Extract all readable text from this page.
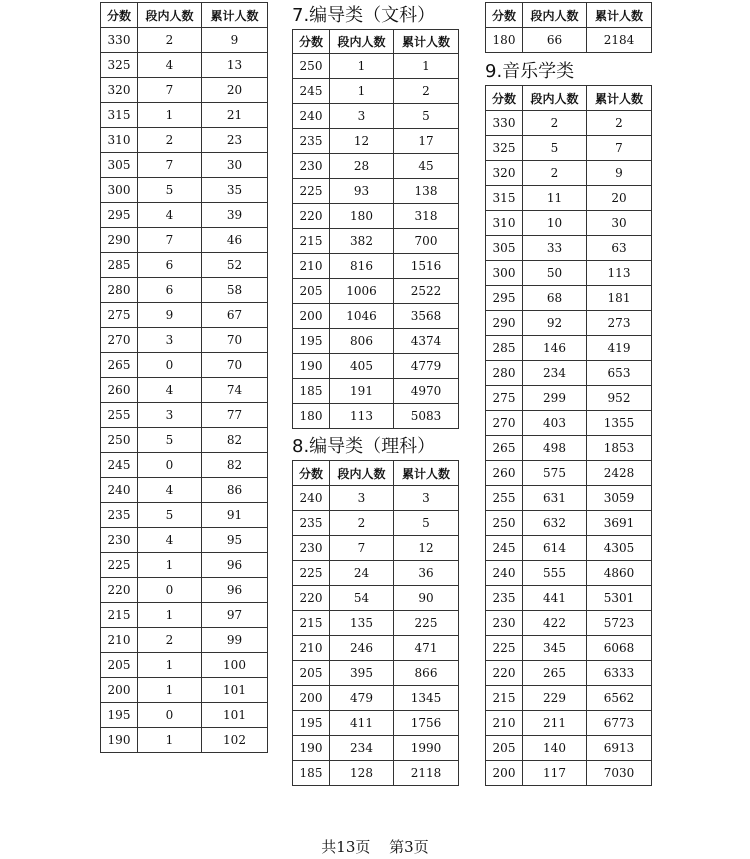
分数	段内人数	累计人数
330	2	9
325	4	13
320	7	20
315	1	21
310	2	23
305	7	30
300	5	35
295	4	39
290	7	46
285	6	52
280	6	58
275	9	67
270	3	70
265	0	70
260	4	74
255	3	77
250	5	82
245	0	82
240	4	86
235	5	91
230	4	95
225	1	96
220	0	96
215	1	97
210	2	99
205	1	100
200	1	101
195	0	101
190	1	102
7.编导类（文科）
分数	段内人数	累计人数
250	1	1
245	1	2
240	3	5
235	12	17
230	28	45
225	93	138
220	180	318
215	382	700
210	816	1516
205	1006	2522
200	1046	3568
195	806	4374
190	405	4779
185	191	4970
180	113	5083
8.编导类（理科）
分数	段内人数	累计人数
240	3	3
235	2	5
230	7	12
225	24	36
220	54	90
215	135	225
210	246	471
205	395	866
200	479	1345
195	411	1756
190	234	1990
185	128	2118
分数	段内人数	累计人数
180	66	2184
9.音乐学类
分数	段内人数	累计人数
330	2	2
325	5	7
320	2	9
315	11	20
310	10	30
305	33	63
300	50	113
295	68	181
290	92	273
285	146	419
280	234	653
275	299	952
270	403	1355
265	498	1853
260	575	2428
255	631	3059
250	632	3691
245	614	4305
240	555	4860
235	441	5301
230	422	5723
225	345	6068
220	265	6333
215	229	6562
210	211	6773
205	140	6913
200	117	7030
共13页 第3页
